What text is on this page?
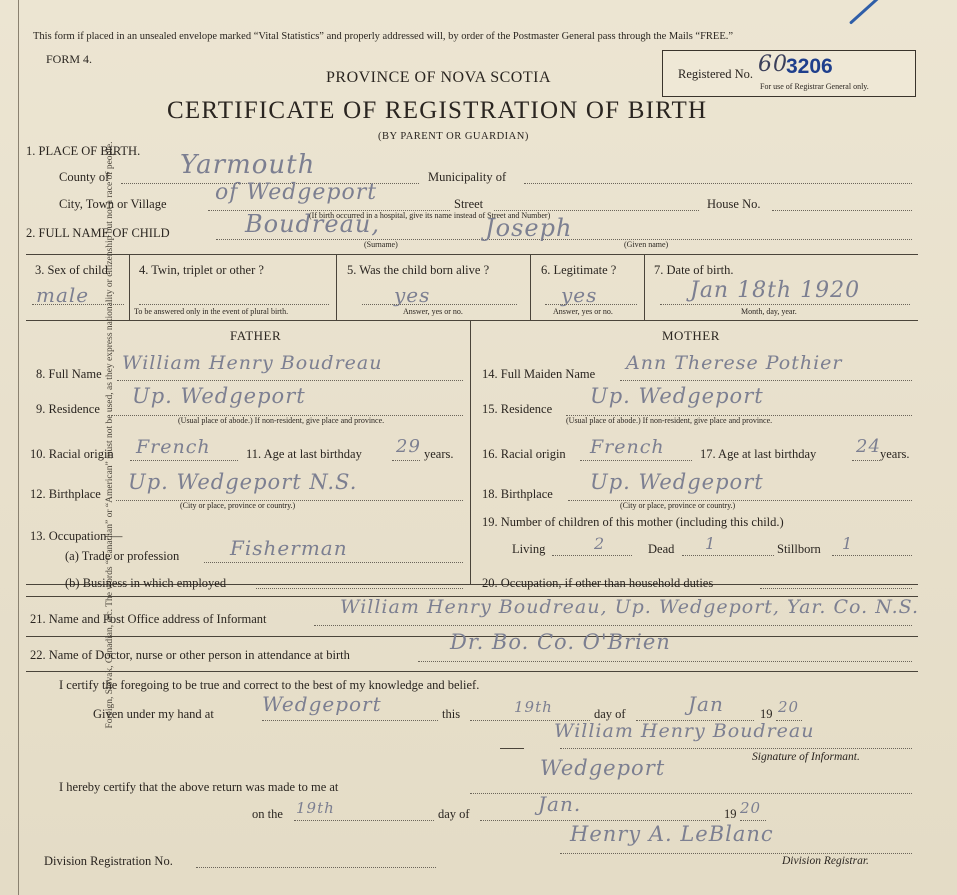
Foreign, Slovak, Canadian, etc. The words “Canadian” or “American” must not be used, as they express nationality or citizenship but not a race of people.
This form if placed in an unsealed envelope marked “Vital Statistics” and properly addressed will, by order of the Postmaster General pass through the Mails “FREE.”
FORM 4.
PROVINCE OF NOVA SCOTIA
CERTIFICATE OF REGISTRATION OF BIRTH
(BY PARENT OR GUARDIAN)
Registered No. 60
3206
For use of Registrar General only.
1. PLACE OF BIRTH.
County of	Yarmouth	Municipality of
City, Town or Village of Wedgeport	Street	House No.
(If birth occurred in a hospital, give its name instead of Street and Number)
2. FULL NAME OF CHILD	Boudreau,	Joseph
(Surname)	(Given name)
3. Sex of child.
male
4. Twin, triplet or other ?
To be answered only in the event of plural birth.
5. Was the child born alive ?
yes
Answer, yes or no.
6. Legitimate ?
yes
Answer, yes or no.
7. Date of birth.
Jan 18th 1920
Month, day, year.
FATHER	MOTHER
8. Full Name William Henry Boudreau
9. Residence
Up. Wedgeport
(Usual place of abode.) If non-resident, give place and province.
10. Racial origin French	11. Age at last birthday 29 years.
12. Birthplace Up. Wedgeport N.S.
(City or place, province or country.)
13. Occupation:—
(a) Trade or profession	Fisherman
(b) Business in which employed
14. Full Maiden Name Ann Therese Pothier
15. Residence
Up. Wedgeport
(Usual place of abode.) If non-resident, give place and province.
16. Racial origin French	17. Age at last birthday 24 years.
18. Birthplace Up. Wedgeport
(City or place, province or country.)
19. Number of children of this mother (including this child.)
Living	2	Dead 1	Stillborn 1
20. Occupation, if other than household duties
21. Name and Post Office address of Informant
William Henry Boudreau, Up. Wedgeport, Yar. Co. N.S.
22. Name of Doctor, nurse or other person in attendance at birth
Dr. Bo. Co. O'Brien
I certify the foregoing to be true and correct to the best of my knowledge and belief.
Given under my hand at Wedgeport	this	19th	day of	Jan	19 20
William Henry Boudreau
Signature of Informant.
I hereby certify that the above return was made to me at
Wedgeport
on the 19th	day of	Jan.	19 20
Henry A. LeBlanc
Division Registration No.	Division Registrar.
